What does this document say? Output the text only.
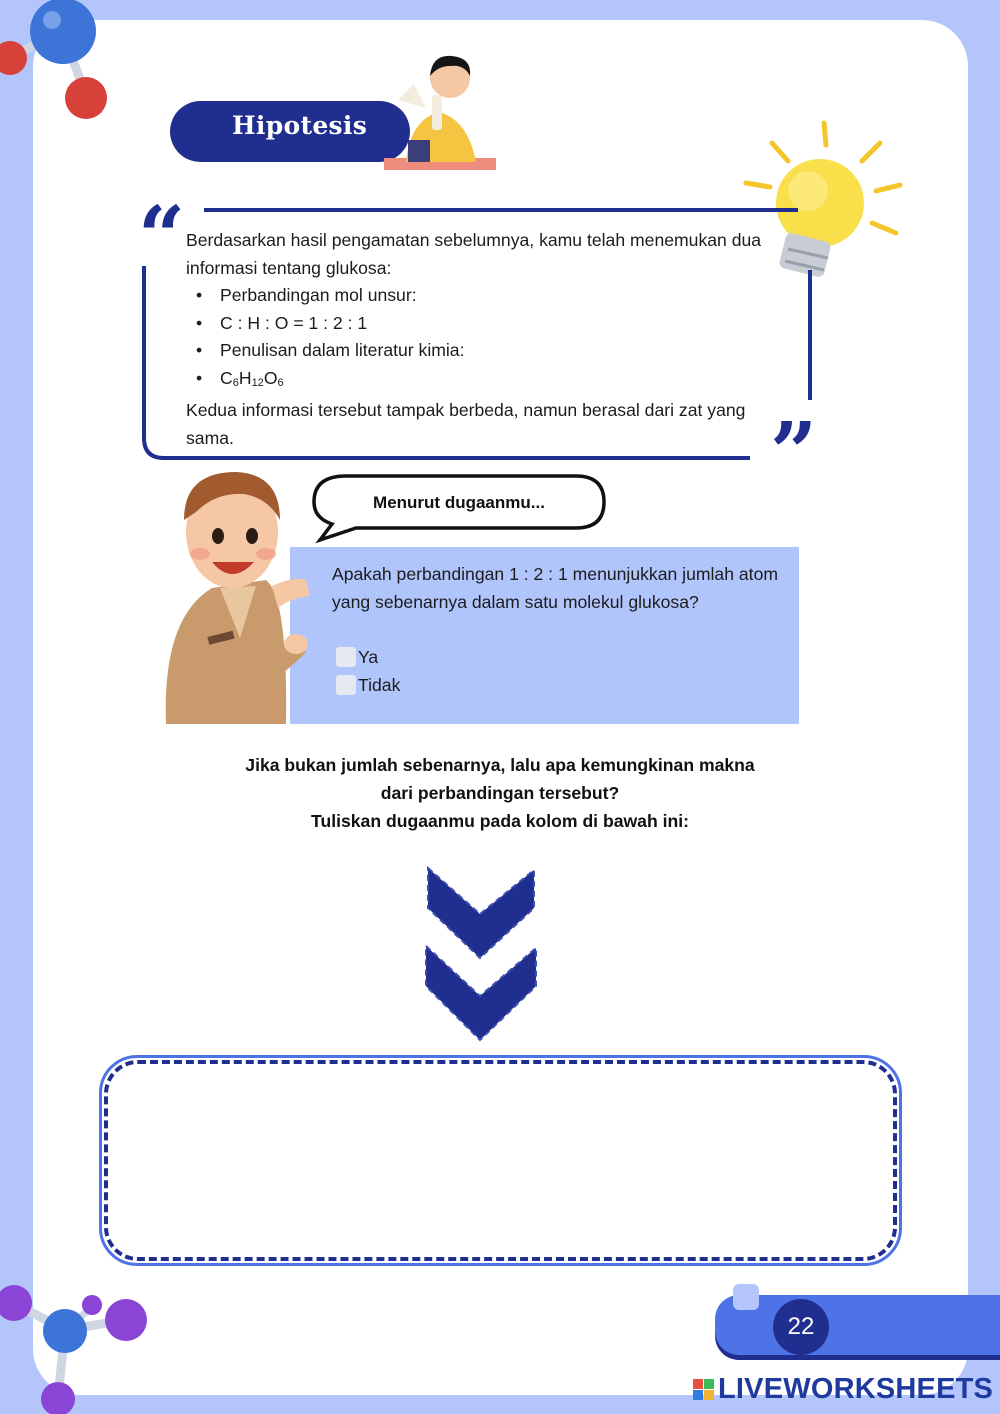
Hipotesis
“
”
Berdasarkan hasil pengamatan sebelumnya, kamu telah menemukan dua informasi tentang glukosa:
• Perbandingan mol unsur:
• C : H : O = 1 : 2 : 1
• Penulisan dalam literatur kimia:
• $C_6H_{12}O_6$
Kedua informasi tersebut tampak berbeda, namun berasal dari zat yang sama.
Menurut dugaanmu...
Apakah perbandingan 1 : 2 : 1 menunjukkan jumlah atom yang sebenarnya dalam satu molekul glukosa?
Ya
Tidak
Jika bukan jumlah sebenarnya, lalu apa kemungkinan makna
dari perbandingan tersebut?
Tuliskan dugaanmu pada kolom di bawah ini:
22
LIVEWORKSHEETS
